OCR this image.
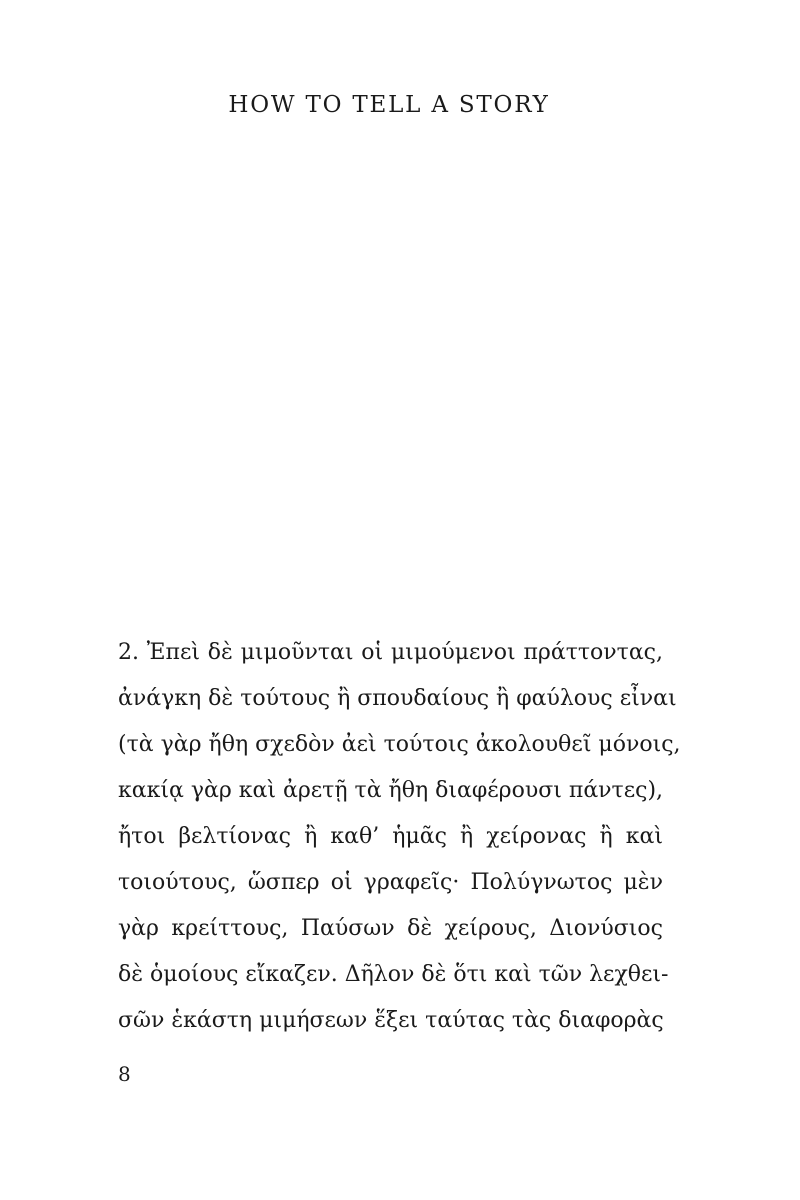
HOW TO TELL A STORY
2. Ἐπεὶ δὲ μιμοῦνται οἱ μιμούμενοι πράττοντας,
ἀνάγκη δὲ τούτους ἢ σπουδαίους ἢ φαύλους εἶναι
(τὰ γὰρ ἤθη σχεδὸν ἀεὶ τούτοις ἀκολουθεῖ μόνοις,
κακίᾳ γὰρ καὶ ἀρετῇ τὰ ἤθη διαφέρουσι πάντες),
ἤτοι βελτίονας ἢ καθ’ ἡμᾶς ἢ χείρονας ἢ καὶ
τοιούτους, ὥσπερ οἱ γραφεῖς· Πολύγνωτος μὲν
γὰρ κρείττους, Παύσων δὲ χείρους, Διονύσιος
δὲ ὁμοίους εἴκαζεν. Δῆλον δὲ ὅτι καὶ τῶν λεχθει-
σῶν ἑκάστη μιμήσεων ἕξει ταύτας τὰς διαφορὰς
8
